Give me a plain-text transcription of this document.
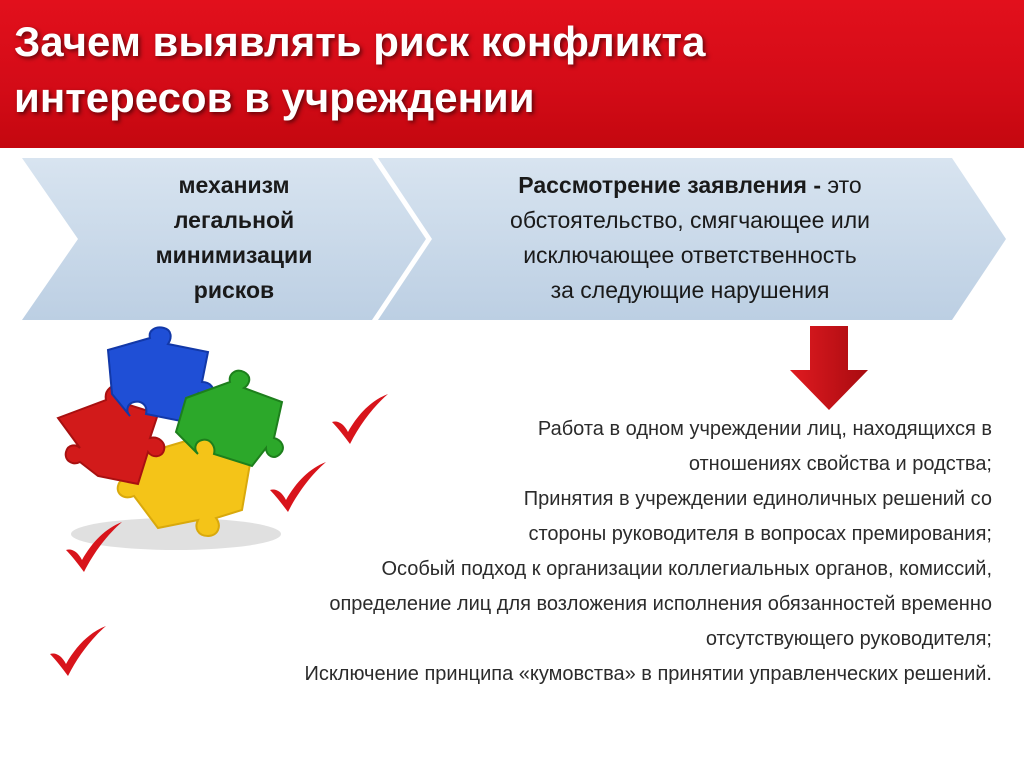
Зачем выявлять риск конфликта
интересов в учреждении
механизм
легальной
минимизации
рисков
Рассмотрение заявления - это
обстоятельство, смягчающее или
исключающее ответственность
за следующие нарушения
Работа в одном учреждении лиц, находящихся в
отношениях свойства и родства;
Принятия в учреждении единоличных решений со
стороны руководителя в вопросах премирования;
Особый подход к организации коллегиальных органов, комиссий,
определение лиц для возложения исполнения обязанностей временно
отсутствующего руководителя;
Исключение принципа «кумовства» в принятии управленческих решений.
